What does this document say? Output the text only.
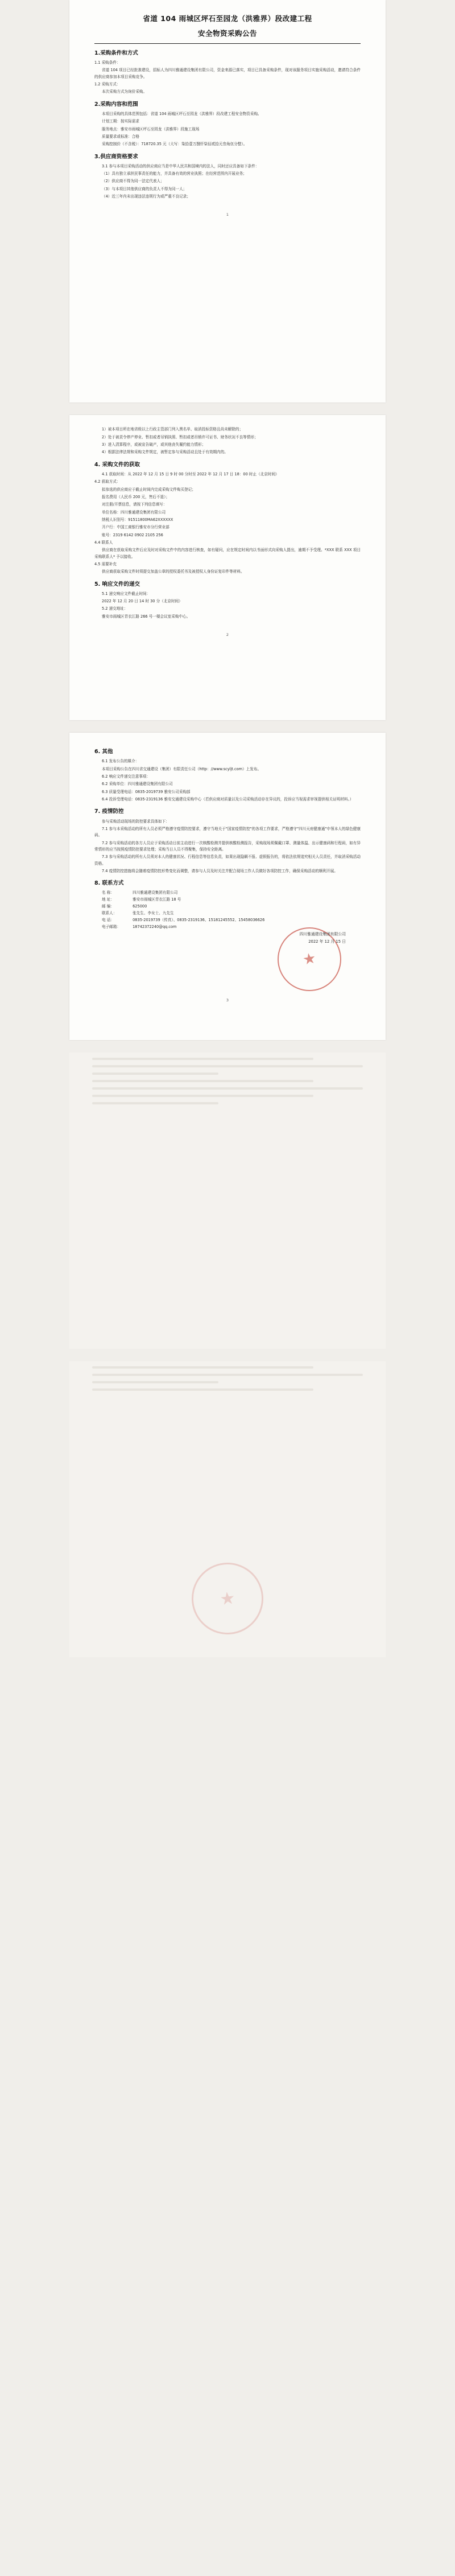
省道 104 雨城区坪石至园龙（洪雅界）段改建工程
安全物资采购公告
1.采购条件和方式

1.1 采购条件：

省道 104 项目已经批准建设，招标人为四川雅通建设集团有限公司，资金来源已落实，项目已具备采购条件，现对该服务项目实施采购活动，邀请符合条件的供应商参加本项目采购竞争。

1.2 采购方式：

本次采购方式为询价采购。

2.采购内容和范围

本项目采购的具体范围包括：省道 104 雨城区坪石至园龙（洪雅界）段改建工程安全物资采购。

计划工期：按实际需求

服务地点：雅安市雨城区坪石至园龙（洪雅界）段施工现场

质量要求或标准：合格

采购控制价（不含税）：718720.35 元（大写：柒拾壹万捌仟柒佰贰拾元叁角伍分整）。

3.供应商资格要求

3.1 参与本项目采购活动的供应商应当是中华人民共和国境内的法人，同时还应具备如下条件：

（1）具有独立承担民事责任的能力，并具备有效的营业执照；在经营范围内开展业务；

（2）供应商不得为同一法定代表人；

（3）与本项目其他供应商的负责人不得为同一人；

（4）近三年内未出现违法违规行为或严重不良记录；

1

1）被本项目所在地省级以上行政主管部门列入黑名单、取消投标资格且尚未解除的；

2）处于被责令停产停业、暂扣或者吊销执照、暂扣或者吊销许可证书、财务状况不良等情形；

3）进入清算程序，或被宣告破产，或其他丧失履约能力情形；

4）根据法律法规和采购文件规定，被暂定参与采购活动且处于有效期内的。

4. 采购文件的获取

4.1 获取时间：从 2022 年 12 月 15 日 9 时 00 分时至 2022 年 12 月 17 日 18：00 时止（北京时间）

4.2 获取方式：

拟参选的供应商应于截止时间内完成采购文件购买登记；

报名费用（人民币 200 元，售后不退）；

对注册/开票信息，请按下列信息填写：

单位名称：四川雅通建设集团有限公司

纳税人识别号：91511800MA62XXXXXX

开户行：中国工商银行雅安市分行营业部

账号：2319 6142 0902 2105 256

4.4 联系人

供应商在获取采购文件后应及时对采购文件中的内容进行核查，如有疑问，应在规定时间内以书面形式向采购人提出，逾期不予受理。*XXX 联系 XXX 项目采购联系人* 予以接收。

4.5 需要补充

供应商获取采购文件时须提交加盖公章的授权委托书及被授权人身份证复印件等材料。

5. 响应文件的递交

5.1 递交响应文件截止时间：

2022 年 12 月 20 日 14 时 30 分（北京时间）

5.2 递交地址：

雅安市雨城区青衣江路 266 号一楼会议室采购中心。

2
6. 其他

6.1 发布公告的媒介：

本项目采购公告在四川省交通建设（集团）有限责任公司（http：//www.scyljt.com）上发布。

6.2 响应文件递交注意事项：

6.2 采购单位：四川雅通建设集团有限公司

6.3 质量受理电话：0835-2019739 雅安公司采购部

6.4 投诉受理电话：0835-2319136 雅安交通建设采购中心（若供应商对质量以及公司采购活动存在异议的，投诉应当视需求审视提供相关证明材料。）

7. 疫情防控

参与采购活动现场的防控要求具体如下：

7.1 参与本采购活动的所有人员必须严格遵守疫情防控要求，遵守当地关于"国家疫情防控"的各项工作要求，严格遵守"四川天府健康通"申领本人的绿色健康码。

7.2 参与采购活动的各方人员应于采购活动日前主动进行一次核酸检测并提供核酸检测报告，采购现场须佩戴口罩、测量体温、出示健康码和行程码，如有异常情形的应当按照疫情防控要求处理；采购当日人员不得聚集，保持安全距离。

7.3 参与采购活动的所有人员须对本人的健康状况、行程信息等信息负责，如果出现隐瞒不报、虚假报告的，将依法依规追究相关人员责任，并取消采购活动资格。

7.4 疫情防控措施将会随着疫情防控形势变化而调整，请参与人员及时关注并配合现场工作人员做好各项防控工作，确保采购活动的顺利开展。

8. 联系方式
名 称：	四川雅通建设集团有限公司
地 址：	雅安市雨城区青衣江路 18 号
邮 编：	625000
联系人：	张先生、李女士、九先生
电 话：	0835-2019739（传真）、0835-2319136、15181245552、15458036626
电子邮箱：	18742372240@qq.com
四川雅通建设集团有限公司
2022 年 12 月 15 日
★
3
★
